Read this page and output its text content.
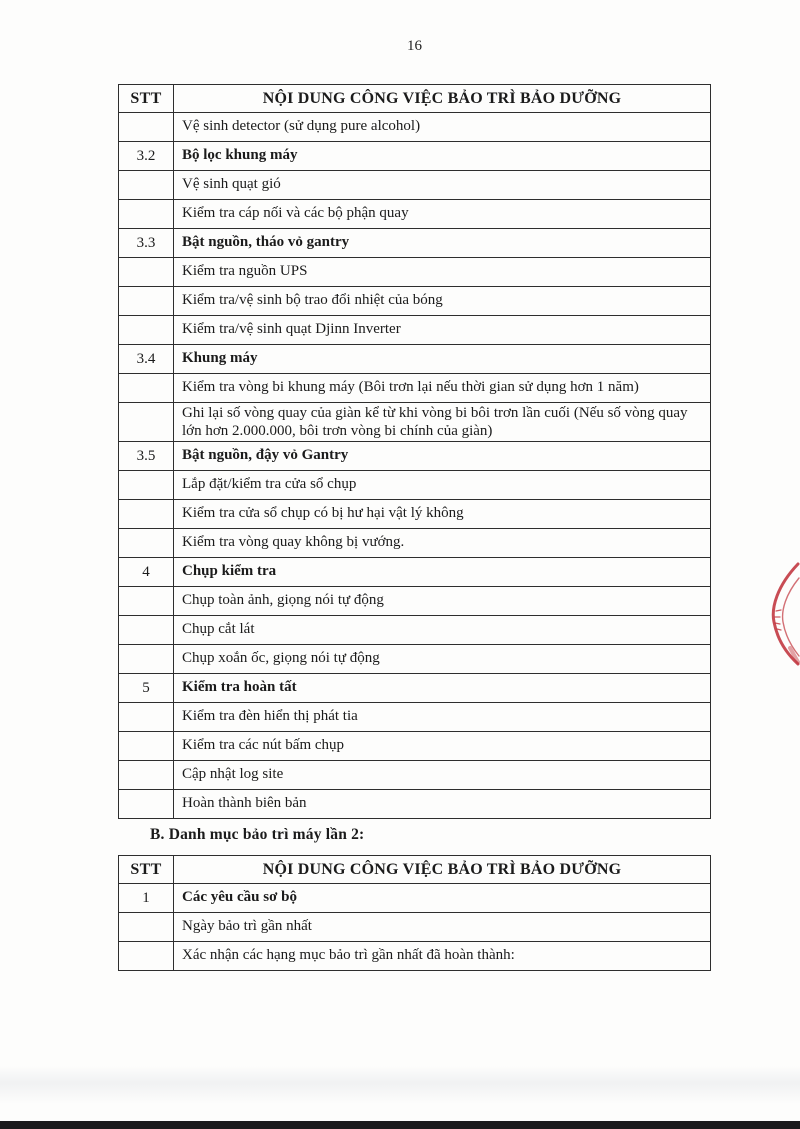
16
STT	NỘI DUNG CÔNG VIỆC BẢO TRÌ BẢO DƯỠNG
	Vệ sinh detector (sử dụng pure alcohol)
3.2	Bộ lọc khung máy
	Vệ sinh quạt gió
	Kiểm tra cáp nối và các bộ phận quay
3.3	Bật nguồn, tháo vỏ gantry
	Kiểm tra nguồn UPS
	Kiểm tra/vệ sinh bộ trao đổi nhiệt của bóng
	Kiểm tra/vệ sinh quạt Djinn Inverter
3.4	Khung máy
	Kiểm tra vòng bi khung máy (Bôi trơn lại nếu thời gian sử dụng hơn 1 năm)
	Ghi lại số vòng quay của giàn kể từ khi vòng bi bôi trơn lần cuối (Nếu số vòng quay lớn hơn 2.000.000, bôi trơn vòng bi chính của giàn)
3.5	Bật nguồn, đậy vỏ Gantry
	Lắp đặt/kiểm tra cửa sổ chụp
	Kiểm tra cửa sổ chụp có bị hư hại vật lý không
	Kiểm tra vòng quay không bị vướng.
4	Chụp kiểm tra
	Chụp toàn ảnh, giọng nói tự động
	Chụp cắt lát
	Chụp xoắn ốc, giọng nói tự động
5	Kiểm tra hoàn tất
	Kiểm tra đèn hiển thị phát tia
	Kiểm tra các nút bấm chụp
	Cập nhật log site
	Hoàn thành biên bản
B. Danh mục bảo trì máy lần 2:
STT	NỘI DUNG CÔNG VIỆC BẢO TRÌ BẢO DƯỠNG
1	Các yêu cầu sơ bộ
	Ngày bảo trì gần nhất
	Xác nhận các hạng mục bảo trì gần nhất đã hoàn thành:
